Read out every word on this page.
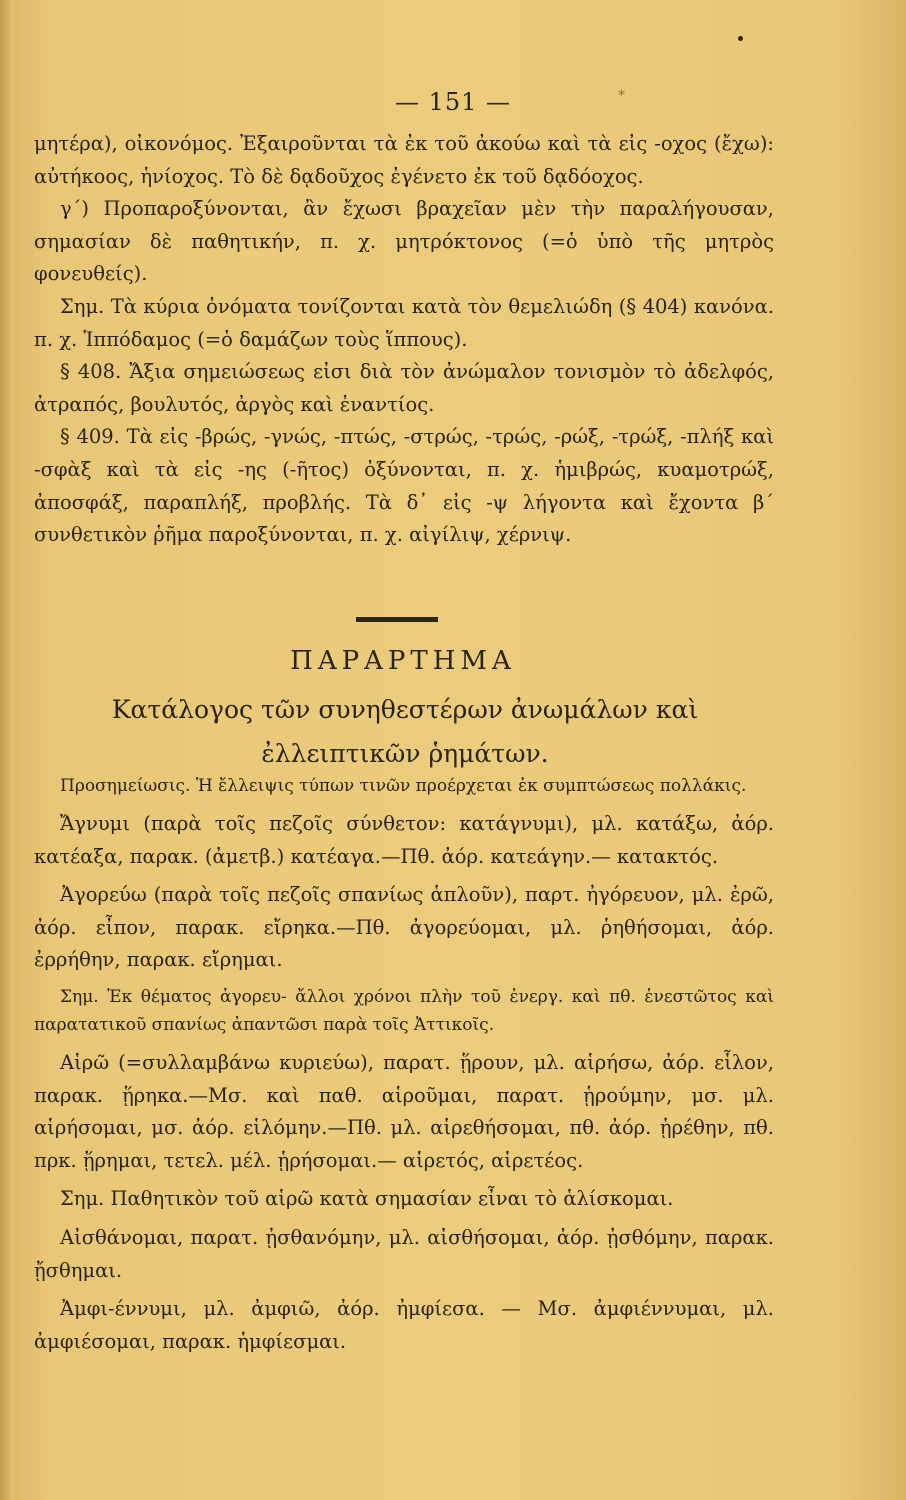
*
— 151 —

μητέρα), οἰκονόμος. Ἐξαιροῦνται τὰ ἐκ τοῦ ἀκούω καὶ τὰ εἰς -οχος (ἔχω): αὐτήκοος, ἡνίοχος. Τὸ δὲ δᾳδοῦχος ἐγένετο ἐκ τοῦ δᾳδόοχος.

γ´) Προπαροξύνονται, ἂν ἔχωσι βραχεῖαν μὲν τὴν παραλήγουσαν, σημασίαν δὲ παθητικήν, π. χ. μητρόκτονος (=ὁ ὑπὸ τῆς μητρὸς φονευθείς).

Σημ. Τὰ κύρια ὀνόματα τονίζονται κατὰ τὸν θεμελιώδη (§ 404) κανόνα. π. χ. Ἱππόδαμος (=ὁ δαμάζων τοὺς ἵππους).

§ 408. Ἄξια σημειώσεως εἰσι διὰ τὸν ἀνώμαλον τονισμὸν τὸ ἀδελφός, ἀτραπός, βουλυτός, ἀργὸς καὶ ἐναντίος.

§ 409. Τὰ εἰς -βρώς, -γνώς, -πτώς, -στρώς, -τρώς, -ρώξ, -τρώξ, -πλήξ καὶ -σφὰξ καὶ τὰ εἰς -ης (-ῆτος) ὀξύνονται, π. χ. ἡμιβρώς, κυαμοτρώξ, ἀποσφάξ, παραπλήξ, προβλής. Τὰ δ᾽ εἰς -ψ λήγοντα καὶ ἔχοντα β´ συνθετικὸν ῥῆμα παροξύνονται, π. χ. αἰγίλιψ, χέρνιψ.

ΠΑΡΑΡΤΗΜΑ
Κατάλογος τῶν συνηθεστέρων ἀνωμάλων καὶ ἐλλειπτικῶν ῥημάτων.

Προσημείωσις. Ἡ ἔλλειψις τύπων τινῶν προέρχεται ἐκ συμπτώσεως πολλάκις.

Ἄγνυμι (παρὰ τοῖς πεζοῖς σύνθετον: κατάγνυμι), μλ. κατάξω, ἀόρ. κατέαξα, παρακ. (ἀμετβ.) κατέαγα.—Πθ. ἀόρ. κατεάγην.— κατακτός.

Ἀγορεύω (παρὰ τοῖς πεζοῖς σπανίως ἁπλοῦν), παρτ. ἠγόρευον, μλ. ἐρῶ, ἀόρ. εἶπον, παρακ. εἴρηκα.—Πθ. ἀγορεύομαι, μλ. ῥηθήσομαι, ἀόρ. ἐρρήθην, παρακ. εἴρημαι.

Σημ. Ἐκ θέματος ἀγορευ- ἄλλοι χρόνοι πλὴν τοῦ ἐνεργ. καὶ πθ. ἐνεστῶτος καὶ παρατατικοῦ σπανίως ἀπαντῶσι παρὰ τοῖς Ἀττικοῖς.

Αἱρῶ (=συλλαμβάνω κυριεύω), παρατ. ᾕρουν, μλ. αἱρήσω, ἀόρ. εἷλον, παρακ. ᾕρηκα.—Μσ. καὶ παθ. αἱροῦμαι, παρατ. ᾑρούμην, μσ. μλ. αἱρήσομαι, μσ. ἀόρ. εἱλόμην.—Πθ. μλ. αἱρεθήσομαι, πθ. ἀόρ. ᾑρέθην, πθ. πρκ. ᾕρημαι, τετελ. μέλ. ᾑρήσομαι.— αἱρετός, αἱρετέος.

Σημ. Παθητικὸν τοῦ αἱρῶ κατὰ σημασίαν εἶναι τὸ ἁλίσκομαι.

Αἰσθάνομαι, παρατ. ᾐσθανόμην, μλ. αἰσθήσομαι, ἀόρ. ᾐσθόμην, παρακ. ᾔσθημαι.

Ἀμφι-έννυμι, μλ. ἀμφιῶ, ἀόρ. ἠμφίεσα. — Μσ. ἀμφιέννυμαι, μλ. ἀμφιέσομαι, παρακ. ἠμφίεσμαι.
